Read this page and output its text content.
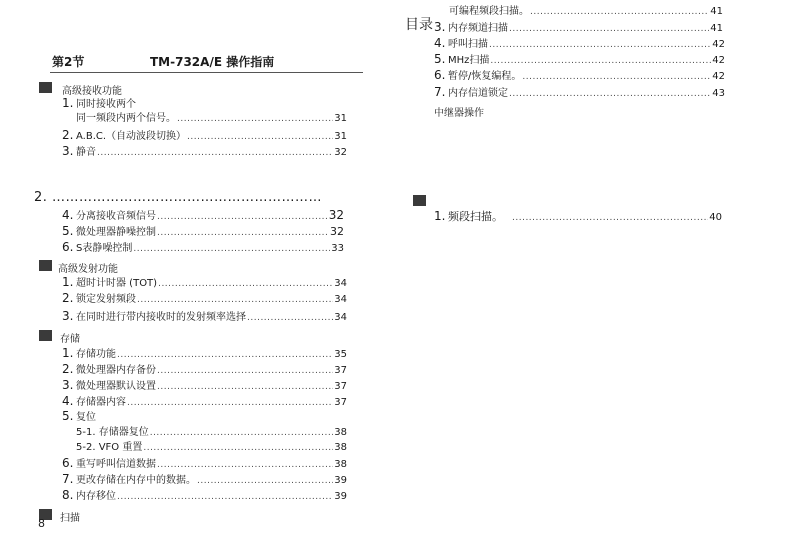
第2节	TM-732A/E 操作指南
高级接收功能
1. 同时接收两个
同一频段内两个信号。 .....	31
2. A.B.C.（自动波段切换） .....	31
3. 静音 .....	32
2. ……………………………………………………
4. 分离接收音频信号 .....	32
5. 微处理器静噪控制 .....	32
6. S表静噪控制 .....	33
高级发射功能
1. 超时计时器 (TOT) .....	34
2. 锁定发射频段 .....	34
3. 在同时进行带内接收时的发射频率选择 .....	34
存储
1. 存储功能 .....	35
2. 微处理器内存备份 .....	37
3. 微处理器默认设置 .....	37
4. 存储器内容 .....	37
5. 复位
5-1. 存储器复位 .....	38
5-2. VFO 重置 .....	38
6. 重写呼叫信道数据 .....	38
7. 更改存储在内存中的数据。 .....	39
8. 内存移位 .....	39
扫描
8
目录
可编程频段扫描。 .....	41
3. 内存频道扫描 .....	41
4. 呼叫扫描 .....	42
5. MHz扫描 .....	42
6. 暂停/恢复编程。 .....	42
7. 内存信道锁定 .....	43
中继器操作
1. 频段扫描。 .....	40
